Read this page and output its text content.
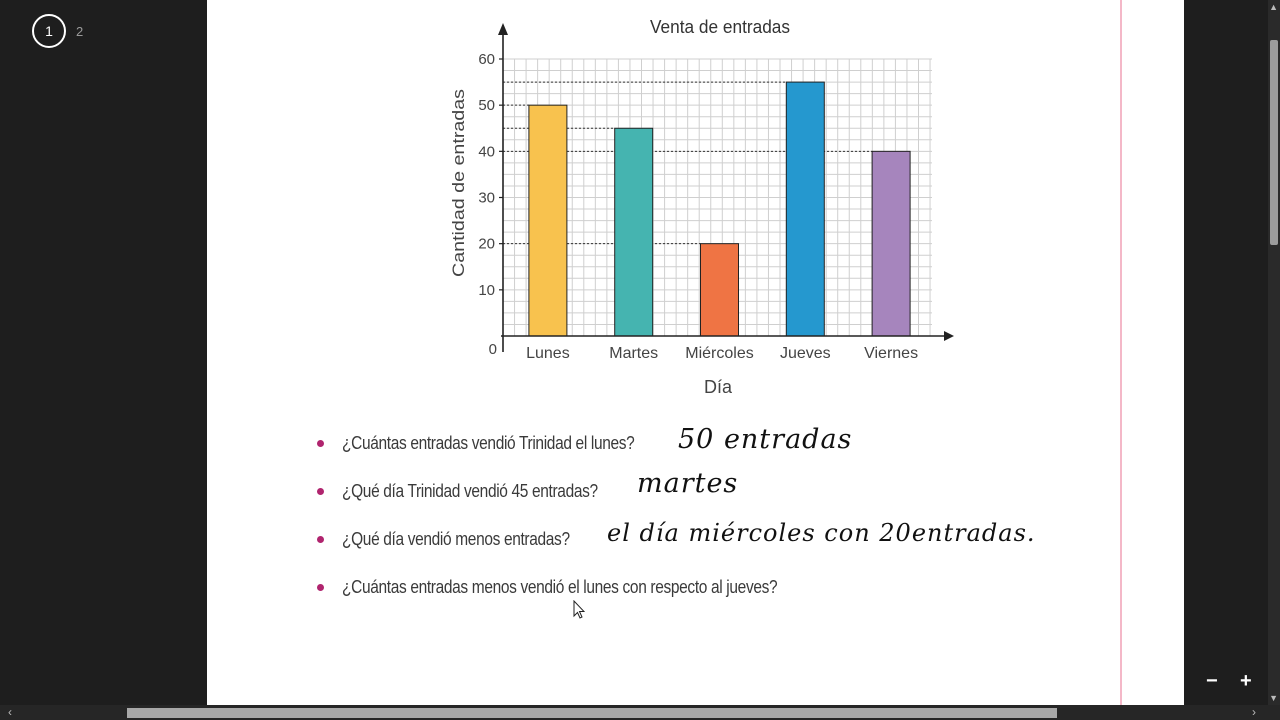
1	2
0
10
20
30
40
50
60
Lunes Martes Miércoles Jueves Viernes
Venta de entradas
Día
Cantidad de entradas
¿Cuántas entradas vendió Trinidad el lunes? 50 entradas
¿Qué día Trinidad vendió 45 entradas? martes
¿Qué día vendió menos entradas? el día miércoles con 20entradas.
¿Cuántas entradas menos vendió el lunes con respecto al jueves?
▲
▼
− +
‹	›
